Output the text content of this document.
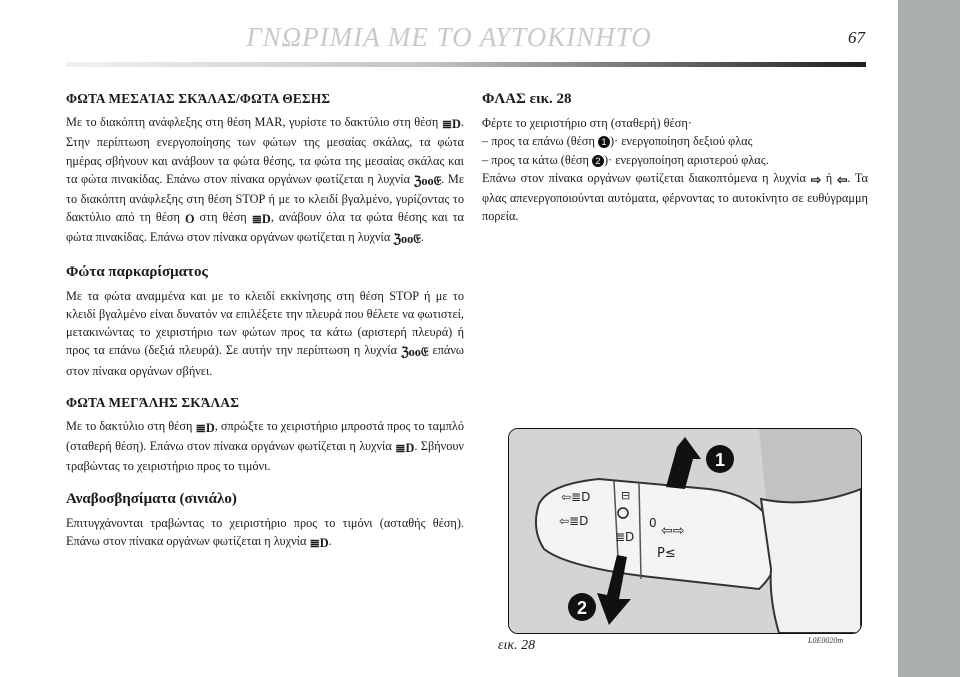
ΓΝΩΡΙΜΙΑ ΜΕ ΤΟ ΑΥΤΟΚΙΝΗΤΟ	67
ΦΩΤΑ ΜΕΣΑΊΑΣ ΣΚΆΛΑΣ/ΦΩΤΑ ΘΕΣΗΣ

Με το διακόπτη ανάφλεξης στη θέση MAR, γυρίστε το δακτύλιο στη θέση ≣D. Στην περίπτωση ενεργοποίησης των φώτων της μεσαίας σκάλας, τα φώτα ημέρας σβήνουν και ανάβουν τα φώτα θέσης, τα φώτα της μεσαίας σκάλας και τα φώτα πινακίδας. Επάνω στον πίνακα οργάνων φωτίζεται η λυχνία ℨoo𝔈. Με το διακόπτη ανάφλεξης στη θέση STOP ή με το κλειδί βγαλμένο, γυρίζοντας το δακτύλιο από τη θέση O στη θέση ≣D, ανάβουν όλα τα φώτα θέσης και τα φώτα πινακίδας. Επάνω στον πίνακα οργάνων φωτίζεται η λυχνία ℨoo𝔈.

Φώτα παρκαρίσματος

Με τα φώτα αναμμένα και με το κλειδί εκκίνησης στη θέση STOP ή με το κλειδί βγαλμένο είναι δυνατόν να επιλέξετε την πλευρά που θέλετε να φωτιστεί, μετακινώντας το χειριστήριο των φώτων προς τα κάτω (αριστερή πλευρά) ή προς τα επάνω (δεξιά πλευρά). Σε αυτήν την περίπτωση η λυχνία ℨoo𝔈 επάνω στον πίνακα οργάνων σβήνει.

ΦΩΤΑ ΜΕΓΆΛΗΣ ΣΚΆΛΑΣ

Με το δακτύλιο στη θέση ≣D, σπρώξτε το χειριστήριο μπροστά προς το ταμπλό (σταθερή θέση). Επάνω στον πίνακα οργάνων φωτίζεται η λυχνία ≣D. Σβήνουν τραβώντας το χειριστήριο προς το τιμόνι.

Αναβοσβησίματα (σινιάλο)

Επιτυγχάνονται τραβώντας το χειριστήριο προς το τιμόνι (ασταθής θέση). Επάνω στον πίνακα οργάνων φωτίζεται η λυχνία ≣D.

ΦΛΑΣ εικ. 28

Φέρτε το χειριστήριο στη (σταθερή) θέση·

– προς τα επάνω (θέση 1 )· ενεργοποίηση δεξιού φλας

– προς τα κάτω (θέση 2 )· ενεργοποίηση αριστερού φλας.

Επάνω στον πίνακα οργάνων φωτίζεται διακοπτόμενα η λυχνία ⇨ ή ⇦. Τα φλας απενεργοποιούνται αυτόματα, φέρνοντας το αυτοκίνητο σε ευθύγραμμη πορεία.

⇦≣D	⊟
⇦≣D
≣D
0 ⇦⇨
P≤
1
2
εικ. 28	L0E0020m
